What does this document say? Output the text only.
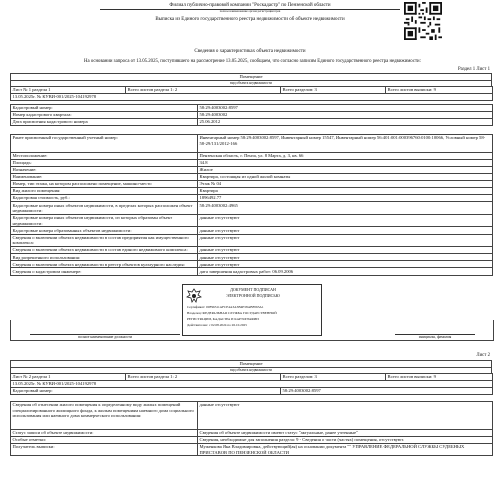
Филиал публично-правовой компании "Роскадастр" по Пензенской области
полное наименование органа регистрации прав
Выписка из Единого государственного реестра недвижимости об объекте недвижимости
Сведения о характеристиках объекта недвижимости
На основании запроса от 13.05.2025, поступившего на рассмотрение 13.05.2025, сообщаем, что согласно записям Единого государственного реестра недвижимости:
Раздел 1 Лист 1
Помещение
вид объекта недвижимости
Лист № 1 раздела 1	Всего листов раздела 1: 2	Всего разделов: 3	Всего листов выписки: 9
13.05.2025г. № КУВИ-001/2025-104192978
Кадастровый номер:	58:29:4003002:8597
Номер кадастрового квартала:	58:29:4003002
Дата присвоения кадастрового номера	25.06.2012
Ранее присвоенный государственный учетный номер:	Инвентарный номер 58:29:4003002:8597, Инвентарный номер 15547, Инвентарный номер 56:401:001:000396760:0100:10066, Условный номер 58-58-29/131/2012-166
Местоположение:	Пензенская область, г. Пенза, ул. 8 Марта, д. 3, кв. 66
Площадь:	34.8
Назначение:	Жилое
Наименование:	Квартира, состоящая из одной жилой комнаты
Номер, тип этажа, на котором расположено помещение, машино-место	Этаж № 04
Вид жилого помещения:	Квартира
Кадастровая стоимость, руб.:	1896492.77
Кадастровые номера иных объектов недвижимости, в пределах которых расположен объект недвижимости:	58:29:4003002:4965
Кадастровые номера иных объектов недвижимости, из которых образован объект недвижимости:	данные отсутствуют
Кадастровые номера образованных объектов недвижимости:	данные отсутствуют
Сведения о включении объекта недвижимости в состав предприятия как имущественного комплекса:	данные отсутствуют
Сведения о включении объекта недвижимости в состав единого недвижимого комплекса:	данные отсутствуют
Вид разрешенного использования:	данные отсутствуют
Сведения о включении объекта недвижимости в реестр объектов культурного наследия:	данные отсутствуют
Сведения о кадастровом инженере:	дата завершения кадастровых работ: 06.09.2006
полное наименование должности	инициалы, фамилия
ДОКУМЕНТ ПОДПИСАН
ЭЛЕКТРОННОЙ ПОДПИСЬЮ
Сертификат: 00F96311AFCE4A3A3B4E58ABF063A1
Владелец: ФЕДЕРАЛЬНАЯ СЛУЖБА ГОСУДАРСТВЕННОЙ
РЕГИСТРАЦИИ, КАДАСТРА И КАРТОГРАФИИ
Действителен: с 02.08.2024 по 26.10.2025
Лист 2
Помещение
вид объекта недвижимости
Лист № 2 раздела 1	Всего листов раздела 1: 2	Всего разделов: 3	Всего листов выписки: 9
13.05.2025г. № КУВИ-001/2025-104192978			
Кадастровый номер:		58:29:4003002:8597	
Сведения об отнесении жилого помещения к определенному виду жилых помещений специализированного жилищного фонда, к жилым помещениям наемного дома социального использования или наемного дома коммерческого использования:	данные отсутствуют
Статус записи об объекте недвижимости:	Сведения об объекте недвижимости имеют статус "актуальные, ранее учтенные"
Особые отметки:	Сведения, необходимые для заполнения раздела: 9 - Сведения о части (частях) помещения, отсутствуют.
Получатель выписки:	Муженкова Яна Владимировна, действующий(ая) на основании документа "" УПРАВЛЕНИЕ ФЕДЕРАЛЬНОЙ СЛУЖБЫ СУДЕБНЫХ ПРИСТАВОВ ПО ПЕНЗЕНСКОЙ ОБЛАСТИ
